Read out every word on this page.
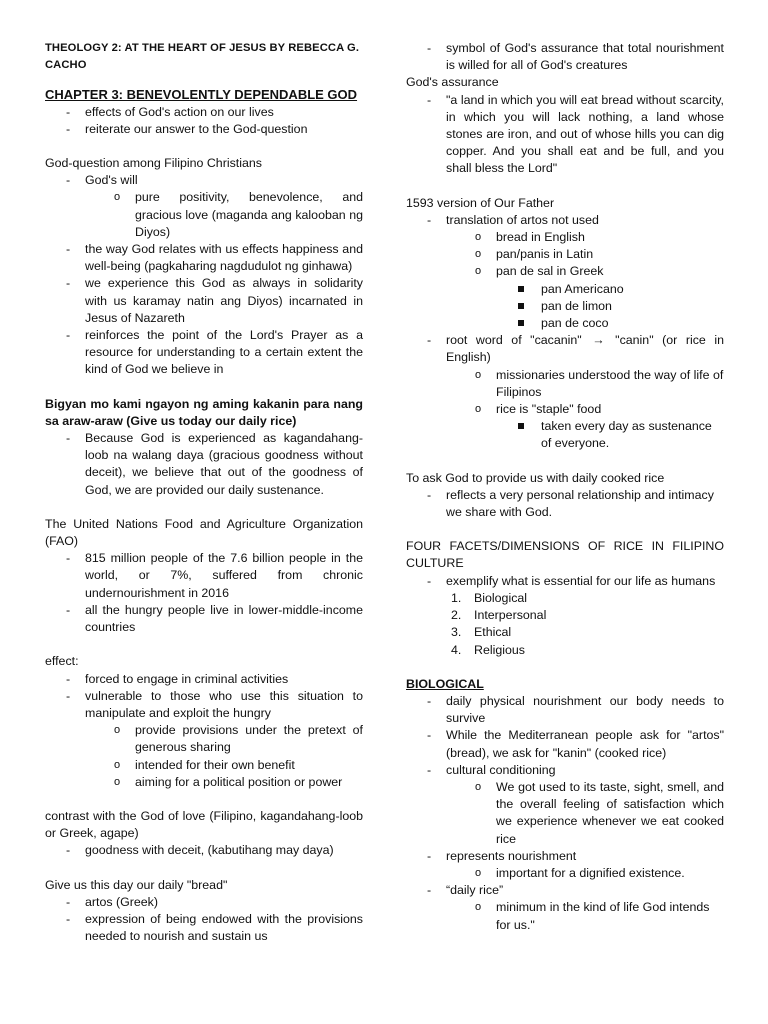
THEOLOGY 2: AT THE HEART OF JESUS BY REBECCA G. CACHO

CHAPTER 3: BENEVOLENTLY DEPENDABLE GOD

- effects of God's action on our lives
- reiterate our answer to the God-question

God-question among Filipino Christians

- God's will
o pure positivity, benevolence, and gracious love (maganda ang kalooban ng Diyos)
- the way God relates with us effects happiness and well-being (pagkaharing nagdudulot ng ginhawa)
- we experience this God as always in solidarity with us karamay natin ang Diyos) incarnated in Jesus of Nazareth
- reinforces the point of the Lord's Prayer as a resource for understanding to a certain extent the kind of God we believe in

Bigyan mo kami ngayon ng aming kakanin para nang sa araw-araw (Give us today our daily rice)

- Because God is experienced as kagandahang-loob na walang daya (gracious goodness without deceit), we believe that out of the goodness of God, we are provided our daily sustenance.

The United Nations Food and Agriculture Organization (FAO)

- 815 million people of the 7.6 billion people in the world, or 7%, suffered from chronic undernourishment in 2016
- all the hungry people live in lower-middle-income countries

effect:

- forced to engage in criminal activities
- vulnerable to those who use this situation to manipulate and exploit the hungry
o provide provisions under the pretext of generous sharing
o intended for their own benefit
o aiming for a political position or power

contrast with the God of love (Filipino, kagandahang-loob or Greek, agape)

- goodness with deceit, (kabutihang may daya)

Give us this day our daily "bread"

- artos (Greek)
- expression of being endowed with the provisions needed to nourish and sustain us
- symbol of God's assurance that total nourishment is willed for all of God's creatures

God's assurance

- "a land in which you will eat bread without scarcity, in which you will lack nothing, a land whose stones are iron, and out of whose hills you can dig copper. And you shall eat and be full, and you shall bless the Lord"

1593 version of Our Father

- translation of artos not used
o bread in English
o pan/panis in Latin
o pan de sal in Greek
pan Americano
pan de limon
pan de coco
- root word of "cacanin" → "canin" (or rice in English)
o missionaries understood the way of life of Filipinos
o rice is "staple" food
taken every day as sustenance of everyone.

To ask God to provide us with daily cooked rice

- reflects a very personal relationship and intimacy we share with God.

FOUR FACETS/DIMENSIONS OF RICE IN FILIPINO CULTURE

- exemplify what is essential for our life as humans
1. Biological
2. Interpersonal
3. Ethical
4. Religious

BIOLOGICAL

- daily physical nourishment our body needs to survive
- While the Mediterranean people ask for "artos" (bread), we ask for "kanin" (cooked rice)
- cultural conditioning
o We got used to its taste, sight, smell, and the overall feeling of satisfaction which we experience whenever we eat cooked rice
- represents nourishment
o important for a dignified existence.
- “daily rice”
o minimum in the kind of life God intends for us."
